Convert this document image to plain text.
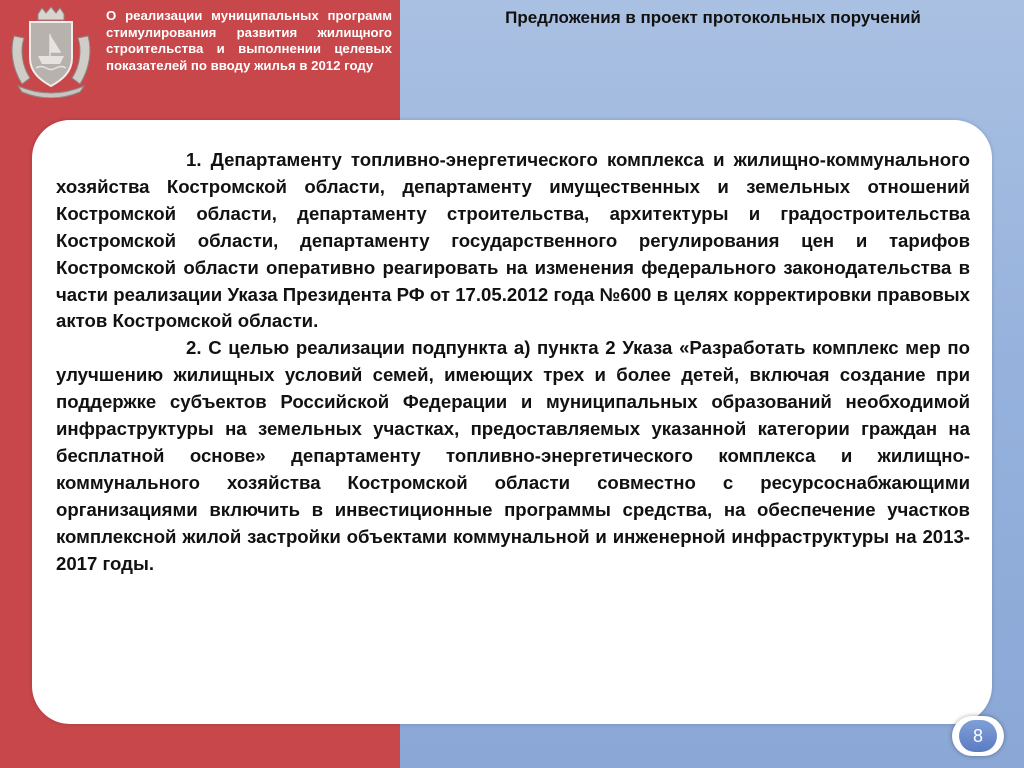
О реализации муниципальных программ стимулирования развития жилищного строительства и выполнении целевых показателей по вводу жилья в 2012 году
Предложения в проект протокольных поручений

1. Департаменту топливно-энергетического комплекса и жилищно-коммунального хозяйства Костромской области, департаменту имущественных и земельных отношений Костромской области, департаменту строительства, архитектуры и градостроительства Костромской области, департаменту государственного регулирования цен и тарифов Костромской области оперативно реагировать на изменения федерального законодательства в части реализации Указа Президента РФ от 17.05.2012 года №600 в целях корректировки правовых актов Костромской области.

2. С целью реализации подпункта а) пункта 2 Указа «Разработать комплекс мер по улучшению жилищных условий семей, имеющих трех и более детей, включая создание при поддержке субъектов Российской Федерации и муниципальных образований необходимой инфраструктуры на земельных участках, предоставляемых указанной категории граждан на бесплатной основе» департаменту топливно-энергетического комплекса и жилищно-коммунального хозяйства Костромской области совместно с ресурсоснабжающими организациями включить в инвестиционные программы средства, на обеспечение участков комплексной жилой застройки объектами коммунальной и инженерной инфраструктуры на 2013-2017 годы.

8
